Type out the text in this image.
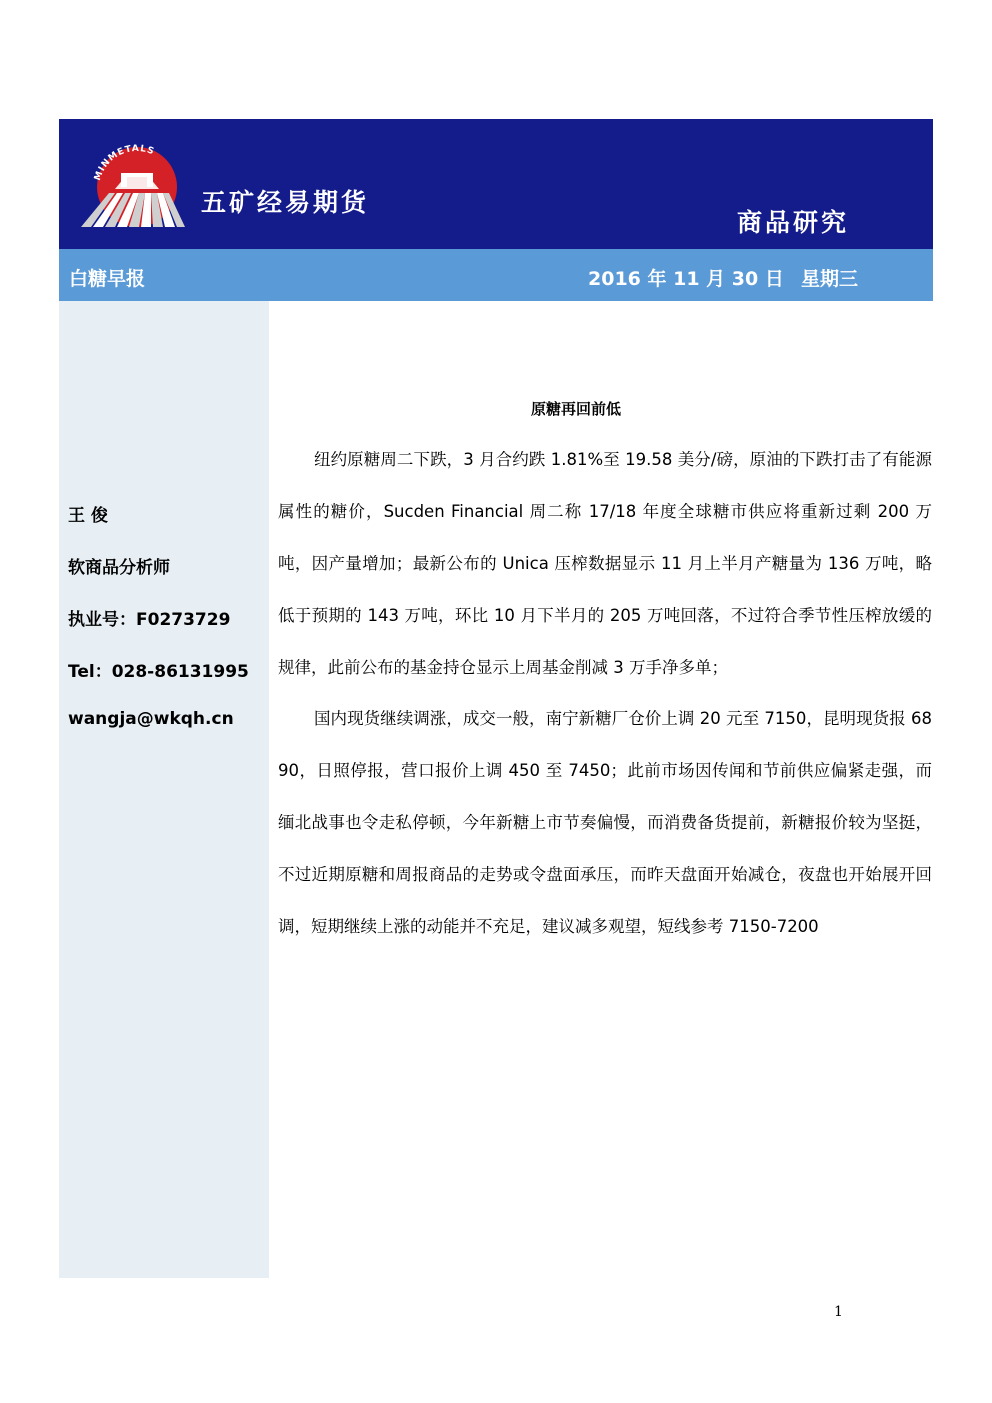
MINMETALS
五矿经易期货
商品研究
白糖早报	2016 年 11 月 30 日 星期三
王 俊
软商品分析师
执业号：F0273729
Tel：028-86131995
wangja@wkqh.cn
原糖再回前低

纽约原糖周二下跌，3 月合约跌 1.81%至 19.58 美分/磅，原油的下跌打击了有能源属性的糖价，Sucden Financial 周二称 17/18 年度全球糖市供应将重新过剩 200 万吨，因产量增加；最新公布的 Unica 压榨数据显示 11 月上半月产糖量为 136 万吨，略低于预期的 143 万吨，环比 10 月下半月的 205 万吨回落，不过符合季节性压榨放缓的规律，此前公布的基金持仓显示上周基金削减 3 万手净多单；

国内现货继续调涨，成交一般，南宁新糖厂仓价上调 20 元至 7150，昆明现货报 6890，日照停报，营口报价上调 450 至 7450；此前市场因传闻和节前供应偏紧走强，而缅北战事也令走私停顿，今年新糖上市节奏偏慢，而消费备货提前，新糖报价较为坚挺，不过近期原糖和周报商品的走势或令盘面承压，而昨天盘面开始减仓，夜盘也开始展开回调，短期继续上涨的动能并不充足，建议减多观望，短线参考 7150-7200

1
